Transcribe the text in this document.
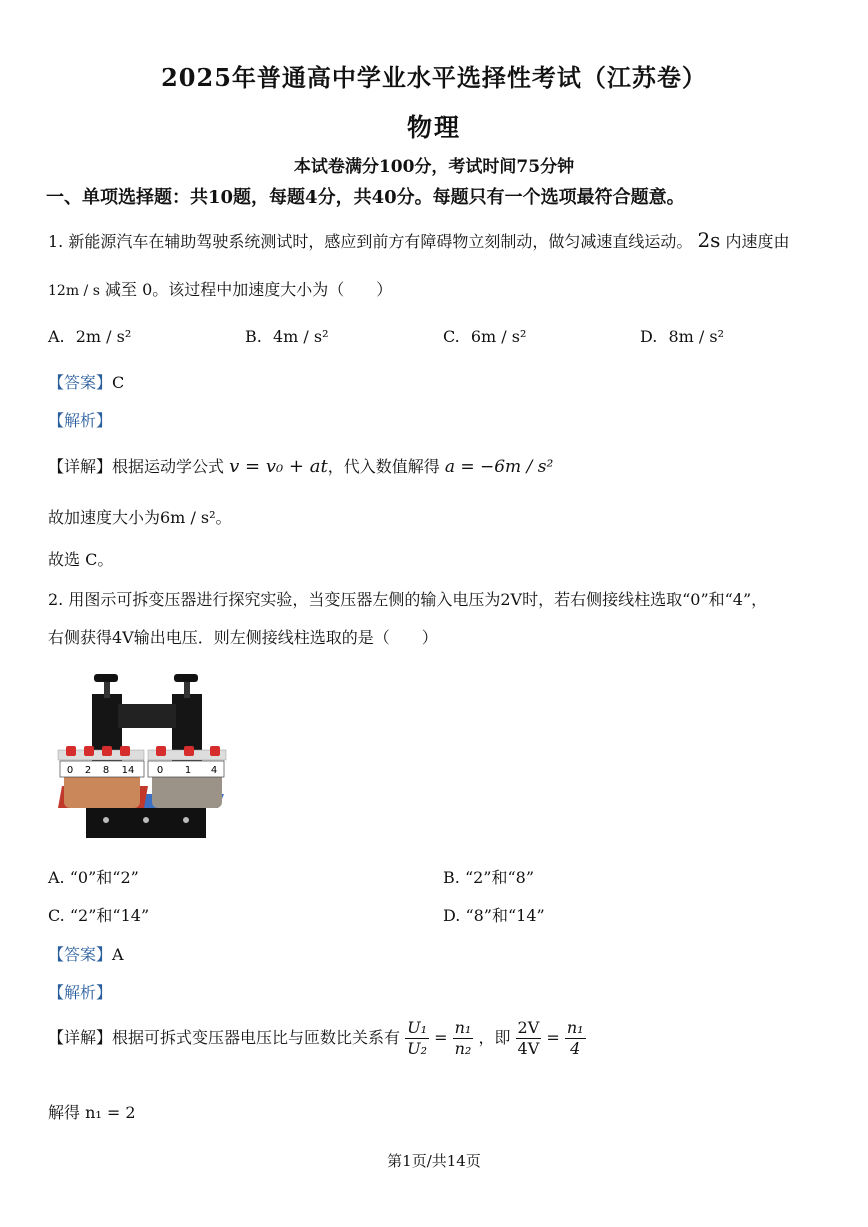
2025年普通高中学业水平选择性考试（江苏卷）
物理
本试卷满分100分，考试时间75分钟
一、单项选择题：共10题，每题4分，共40分。每题只有一个选项最符合题意。
1. 新能源汽车在辅助驾驶系统测试时，感应到前方有障碍物立刻制动，做匀减速直线运动。 2s 内速度由
12m / s 减至 0。该过程中加速度大小为（　　）
A. 2m / s²	B. 4m / s²	C. 6m / s²	D. 8m / s²
【答案】C
【解析】
【详解】根据运动学公式 v = v₀ + at，代入数值解得 a = −6m / s²
故加速度大小为6m / s²。
故选 C。
2. 用图示可拆变压器进行探究实验，当变压器左侧的输入电压为2V时，若右侧接线柱选取“0”和“4”，
右侧获得4V输出电压．则左侧接线柱选取的是（　　）
0 2 8 14 0 1 4
A. “0”和“2”	B. “2”和“8”
C. “2”和“14”	D. “8”和“14”
【答案】A
【解析】
【详解】根据可拆式变压器电压比与匝数比关系有 $\frac{\text{U₁}}{\text{U₂}} = \frac{\text{n₁}}{\text{n₂}}$ ，即 $\frac{2V}{4V} = \frac{\text{n₁}}{4}$
解得 n₁ = 2
第1页/共14页
